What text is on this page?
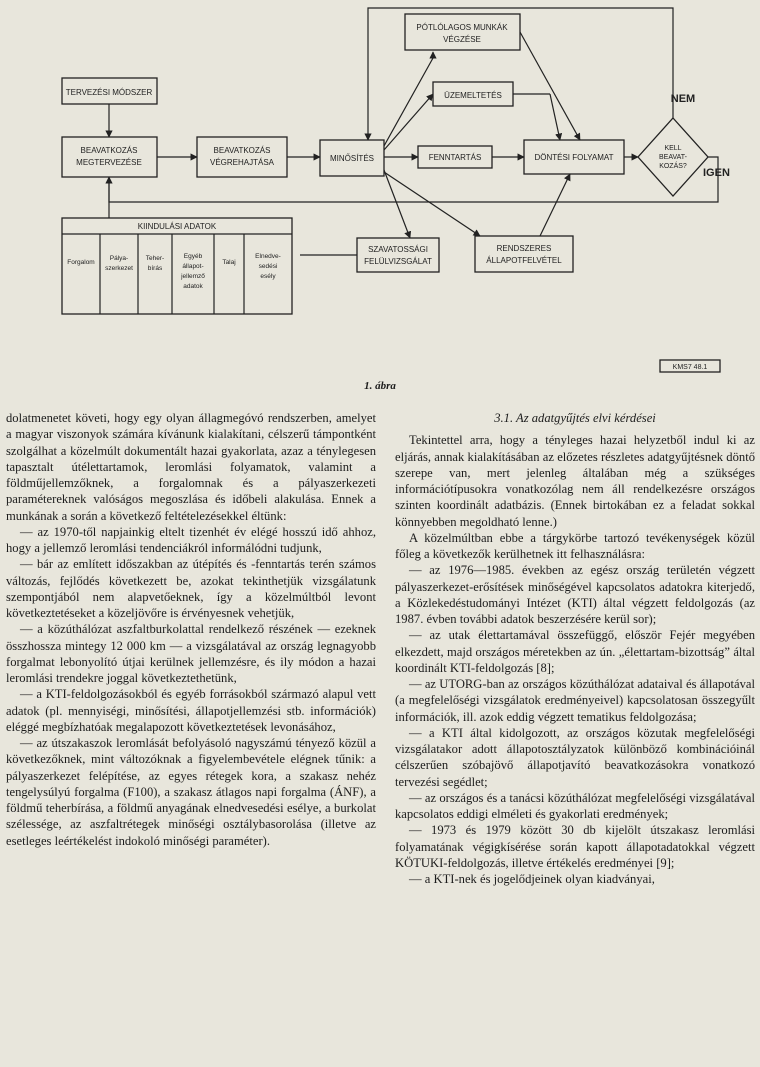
PÓTLÓLAGOS MUNKÁK
VÉGZÉSE
TERVEZÉSI MÓDSZER	ÜZEMELTETÉS	NEM
BEAVATKOZÁS
MEGTERVEZÉSE
BEAVATKOZÁS
VÉGREHAJTÁSA	MINŐSÍTÉS	FENNTARTÁS	DÖNTÉSI FOLYAMAT
KELL
BEAVAT-
KOZÁS?
IGEN
KIINDULÁSI ADATOK
Forgalom
Pálya-
szerkezet
Teher-
bírás
Egyéb
állapot-
jellemző
adatok
Talaj
Elnedve-
sedési
esély
SZAVATOSSÁGI
FELÜLVIZSGÁLAT
RENDSZERES
ÁLLAPOTFELVÉTEL
KMS7 48.1
1. ábra

dolatmenetet követi, hogy egy olyan állagmegóvó rendszerben, amelyet a magyar viszonyok számára kívánunk kialakítani, célszerű támpontként szolgálhat a közelmúlt dokumentált hazai gyakorlata, azaz a ténylegesen tapasztalt útélettartamok, leromlási folyamatok, valamint a földműjellemzőknek, a forgalomnak és a pályaszerkezeti paramétereknek valóságos megoszlása és időbeli alakulása. Ennek a munkának a során a következő feltételezésekkel éltünk:

— az 1970-től napjainkig eltelt tizenhét év elégé hosszú idő ahhoz, hogy a jellemző leromlási tendenciákról informálódni tudjunk,

— bár az említett időszakban az útépítés és -fenntartás terén számos változás, fejlődés következett be, azokat tekinthetjük vizsgálatunk szempontjából nem alapvetőeknek, így a közelmúltból levont következtetéseket a közeljövőre is érvényesnek vehetjük,

— a közúthálózat aszfaltburkolattal rendelkező részének — ezeknek összhossza mintegy 12 000 km — a vizsgálatával az ország legnagyobb forgalmat lebonyolító útjai kerülnek jellemzésre, és ily módon a hazai leromlási trendekre joggal következtethetünk,

— a KTI-feldolgozásokból és egyéb forrásokból származó alapul vett adatok (pl. mennyiségi, minősítési, állapotjellemzési stb. információk) eléggé megbízhatóak megalapozott következtetések levonásához,

— az útszakaszok leromlását befolyásoló nagyszámú tényező közül a következőknek, mint változóknak a figyelembevétele elégnek tűnik: a pályaszerkezet felépítése, az egyes rétegek kora, a szakasz nehéz tengelysúlyú forgalma (F100), a szakasz átlagos napi forgalma (ÁNF), a földmű teherbírása, a földmű anyagának elnedvesedési esélye, a burkolat szélessége, az aszfaltrétegek minőségi osztálybasorolása (illetve az esetleges leértékelést indokoló minőségi paraméter).

3.1. Az adatgyűjtés elvi kérdései

Tekintettel arra, hogy a tényleges hazai helyzetből indul ki az eljárás, annak kialakításában az előzetes részletes adatgyűjtésnek döntő szerepe van, mert jelenleg általában még a szükséges információtípusokra vonatkozólag nem áll rendelkezésre országos szinten koordinált adatbázis. (Ennek birtokában ez a feladat sokkal könnyebben megoldható lenne.)

A közelmúltban ebbe a tárgykörbe tartozó tevékenységek közül főleg a következők kerülhetnek itt felhasználásra:

— az 1976—1985. években az egész ország területén végzett pályaszerkezet-erősítések minőségével kapcsolatos adatokra kiterjedő, a Közlekedéstudományi Intézet (KTI) által végzett feldolgozás (az 1987. évben további adatok beszerzésére kerül sor);

— az utak élettartamával összefüggő, először Fejér megyében elkezdett, majd országos méretekben az ún. „élettartam-bizottság” által koordinált KTI-feldolgozás [8];

— az UTORG-ban az országos közúthálózat adataival és állapotával (a megfelelőségi vizsgálatok eredményeivel) kapcsolatosan összegyűlt információk, ill. azok eddig végzett tematikus feldolgozása;

— a KTI által kidolgozott, az országos közutak megfelelőségi vizsgálatakor adott állapotosztályzatok különböző kombinációinál célszerűen szóbajövő állapotjavító beavatkozásokra vonatkozó tervezési segédlet;

— az országos és a tanácsi közúthálózat megfelelőségi vizsgálatával kapcsolatos eddigi elméleti és gyakorlati eredmények;

— 1973 és 1979 között 30 db kijelölt útszakasz leromlási folyamatának végigkísérése során kapott állapotadatokkal végzett KÖTUKI-feldolgozás, illetve értékelés eredményei [9];

— a KTI-nek és jogelődjeinek olyan kiadványai,
